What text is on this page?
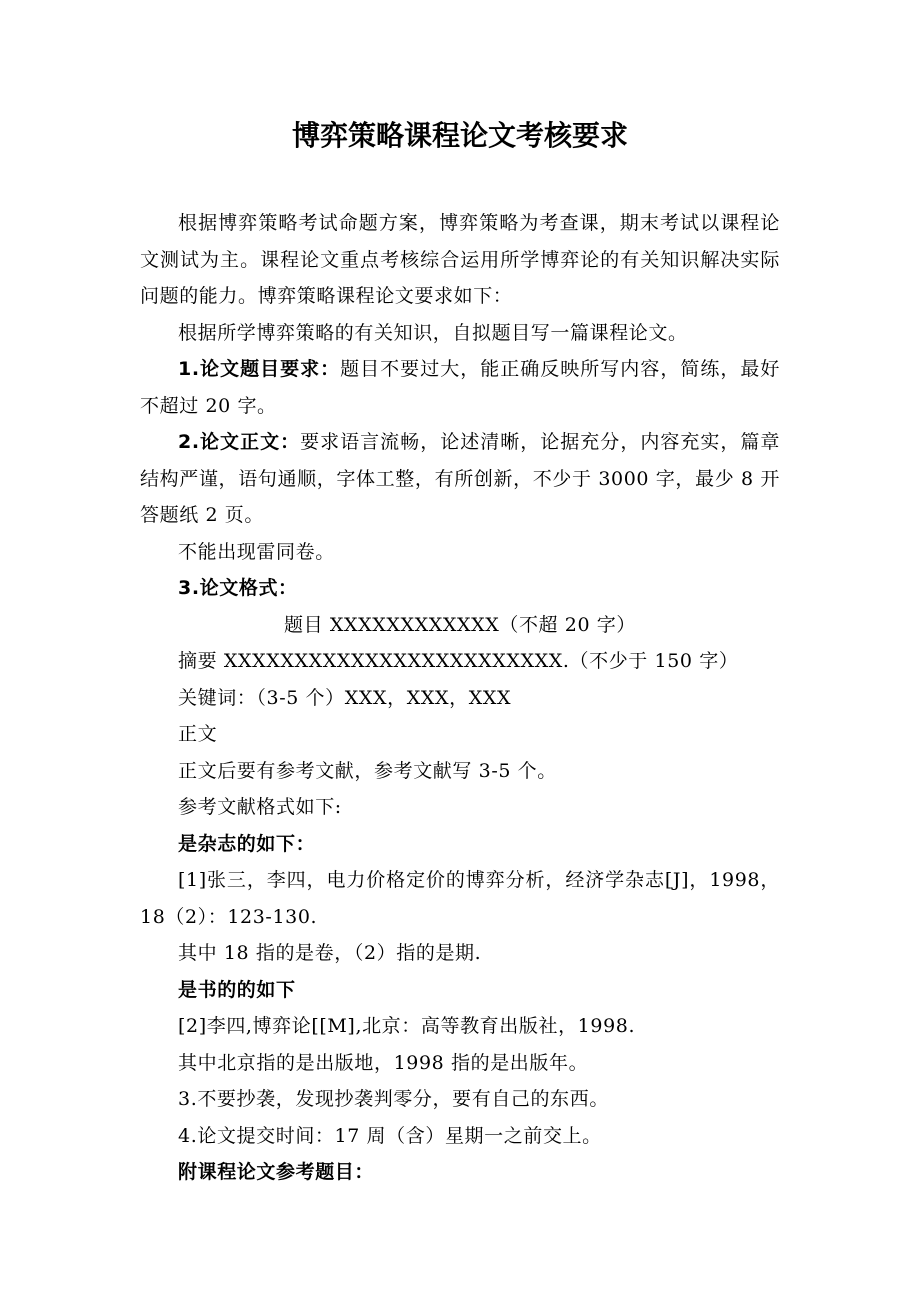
博弈策略课程论文考核要求

根据博弈策略考试命题方案，博弈策略为考查课，期末考试以课程论文测试为主。课程论文重点考核综合运用所学博弈论的有关知识解决实际问题的能力。博弈策略课程论文要求如下：

根据所学博弈策略的有关知识，自拟题目写一篇课程论文。

1.论文题目要求：题目不要过大，能正确反映所写内容，简练，最好不超过 20 字。

2.论文正文：要求语言流畅，论述清晰，论据充分，内容充实，篇章结构严谨，语句通顺，字体工整，有所创新，不少于 3000 字，最少 8 开答题纸 2 页。

不能出现雷同卷。

3.论文格式：

题目 XXXXXXXXXXXX（不超 20 字）

摘要 XXXXXXXXXXXXXXXXXXXXXXXX.（不少于 150 字）

关键词：（3-5 个）XXX，XXX，XXX

正文

正文后要有参考文献，参考文献写 3-5 个。

参考文献格式如下:

是杂志的如下：

[1]张三，李四，电力价格定价的博弈分析，经济学杂志[J]，1998，18（2）：123-130.

其中 18 指的是卷，（2）指的是期.

是书的的如下

[2]李四,博弈论[[M],北京：高等教育出版社，1998.

其中北京指的是出版地，1998 指的是出版年。

3.不要抄袭，发现抄袭判零分，要有自己的东西。

4.论文提交时间：17 周（含）星期一之前交上。

附课程论文参考题目：
